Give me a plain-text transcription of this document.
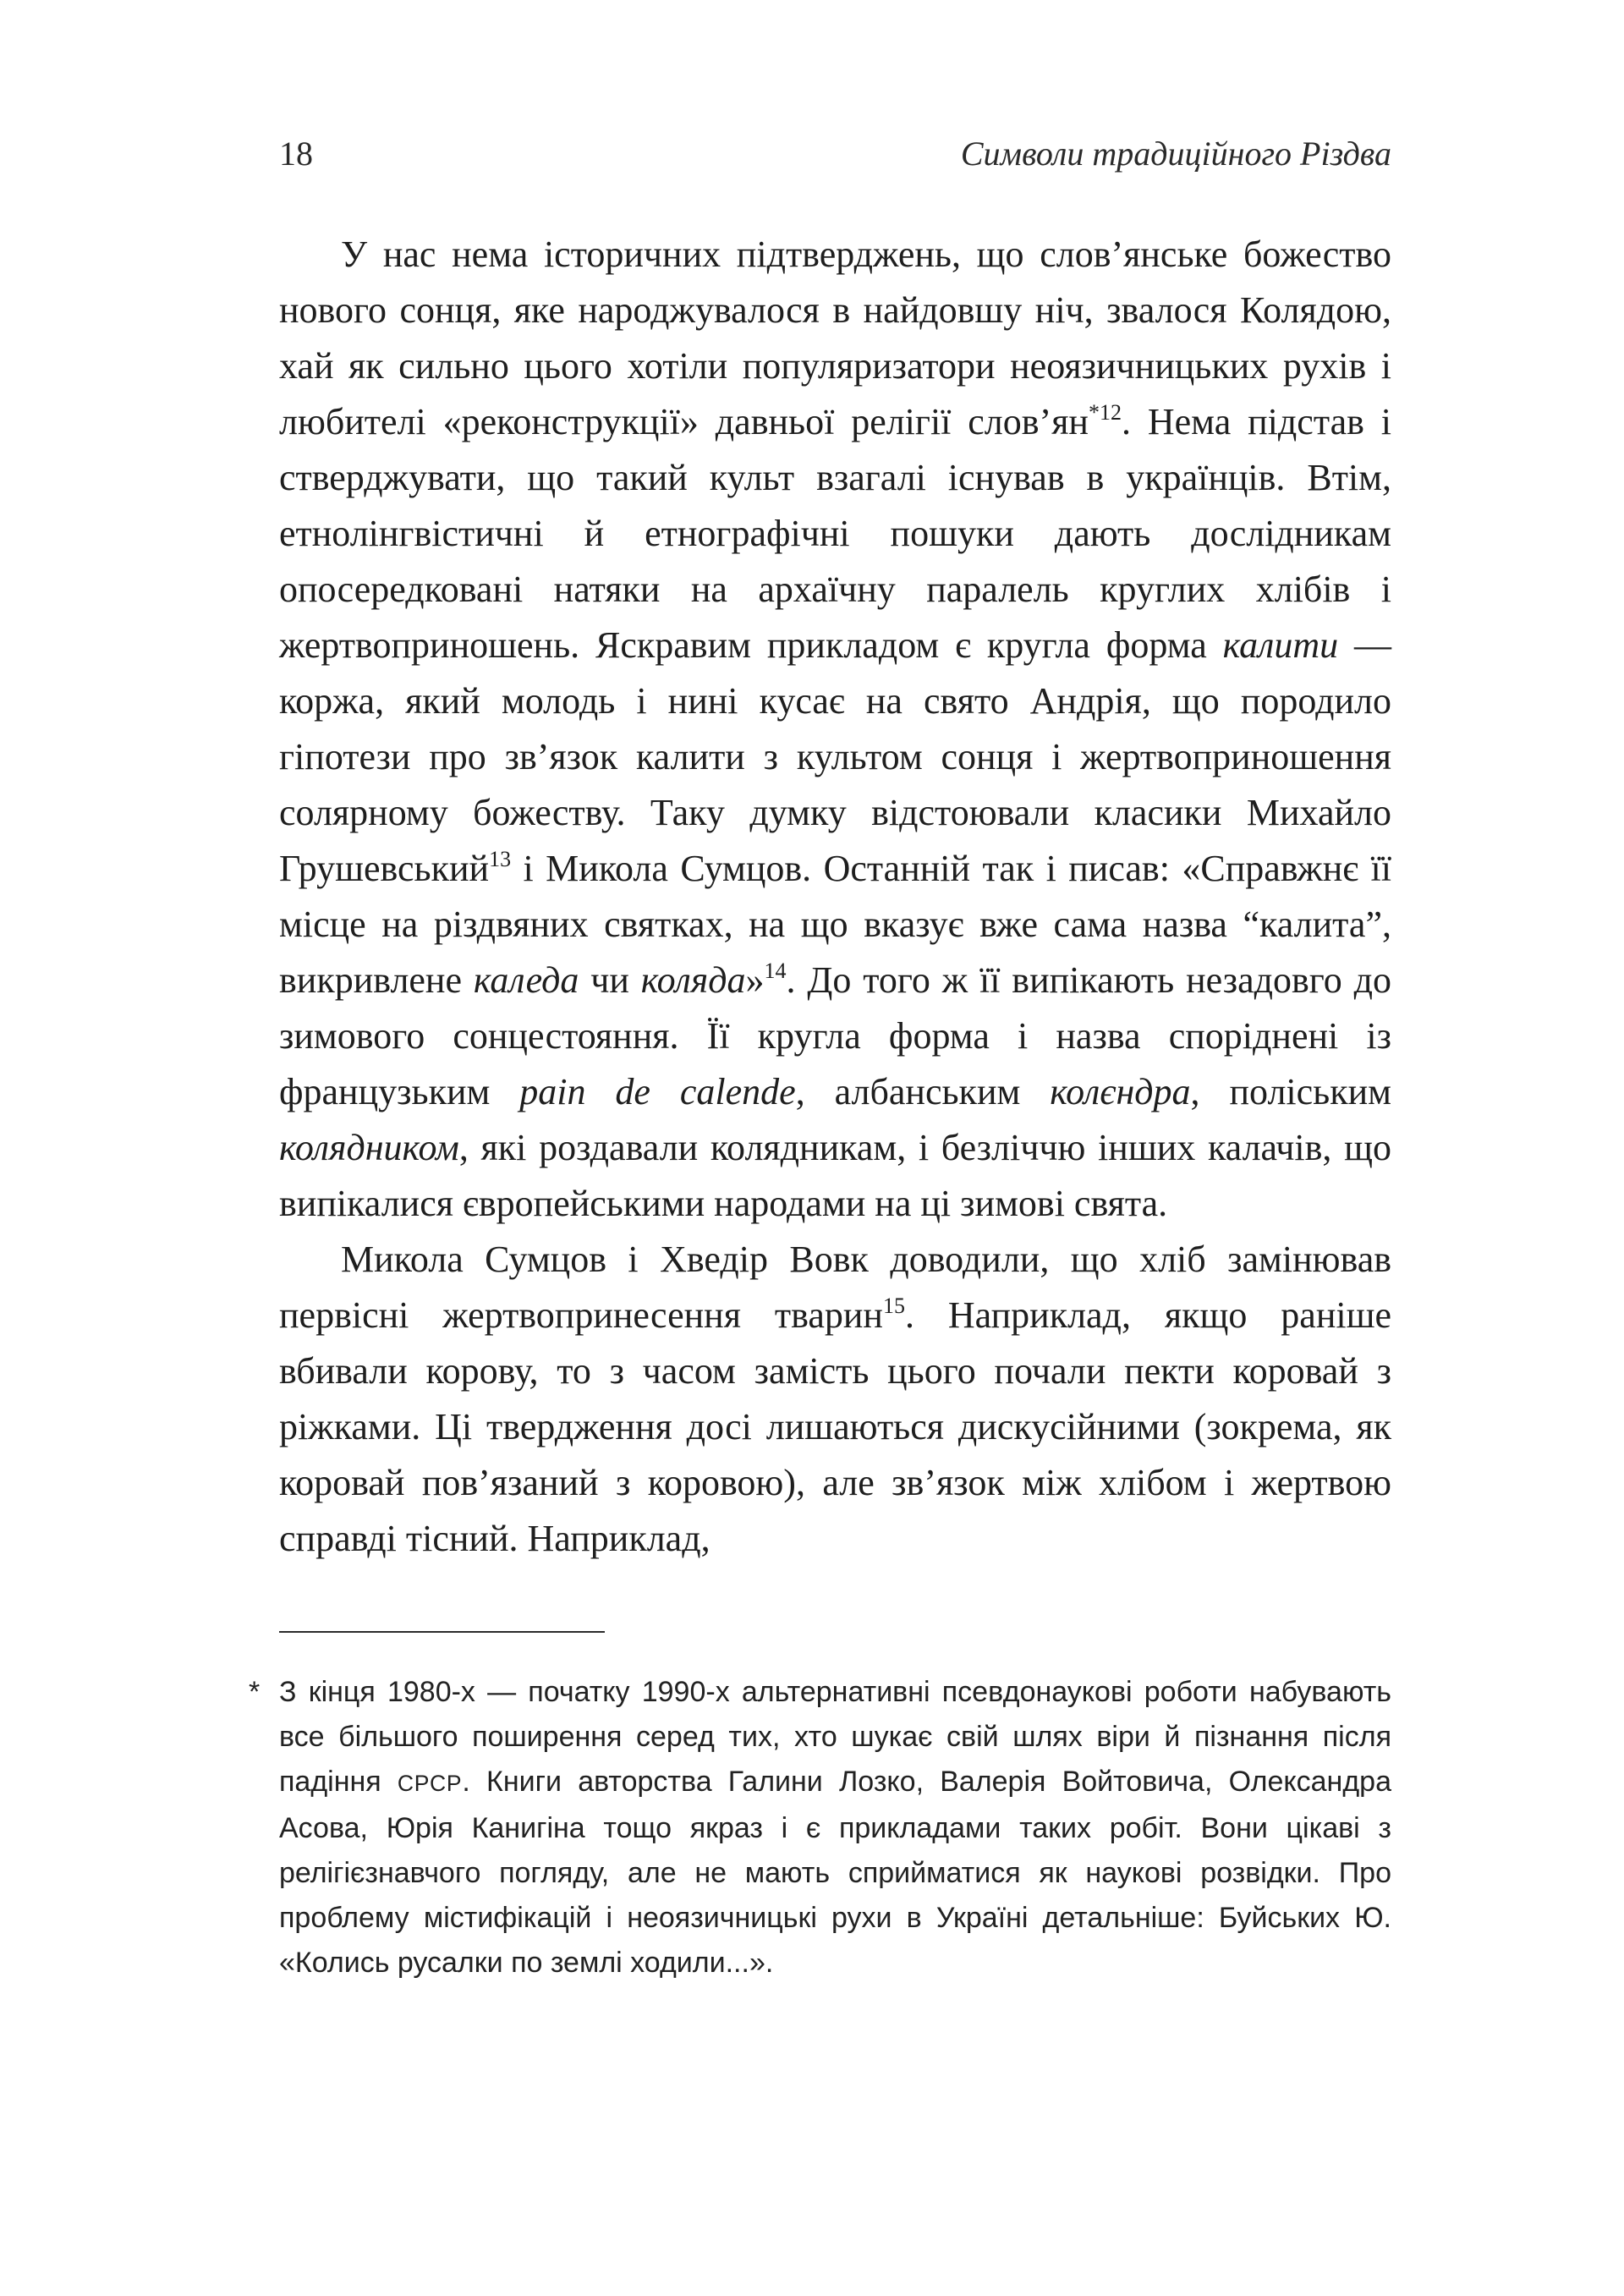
18	Символи традиційного Різдва

У нас нема історичних підтверджень, що слов’янське божество нового сонця, яке народжувалося в найдовшу ніч, звалося Колядою, хай як сильно цього хотіли популяризатори неоязичницьких рухів і любителі «реконструкції» давньої релігії $слов’ян^{*12}$. Нема підстав і стверджувати, що такий культ взагалі існував в українців. Втім, етнолінгвістичні й етнографічні пошуки дають дослідникам опосередковані натяки на архаїчну паралель круглих хлібів і жертвоприношень. Яскравим прикладом є кругла форма калити — коржа, який молодь і нині кусає на свято Андрія, що породило гіпотези про зв’язок калити з культом сонця і жертвоприношення солярному божеству. Таку думку відстоювали класики Михайло Грушевський$^{13}$ і Микола Сумцов. Останній так і писав: «Справжнє її місце на різдвяних святках, на що вказує вже сама назва “калита”, викривлене каледа чи коляда»$^{14}$. До того ж її випікають незадовго до зимового сонцестояння. Її кругла форма і назва споріднені із французьким pain de calende, албанським колєндра, поліським колядником, які роздавали колядникам, і безліччю інших калачів, що випікалися європейськими народами на ці зимові свята.

Микола Сумцов і Хведір Вовк доводили, що хліб замінював первісні жертвопринесення тварин$^{15}$. Наприклад, якщо раніше вбивали корову, то з часом замість цього почали пекти коровай з ріжками. Ці твердження досі лишаються дискусійними (зокрема, як коровай пов’язаний з коровою), але зв’язок між хлібом і жертвою справді тісний. Наприклад,

* З кінця 1980-х — початку 1990-х альтернативні псевдонаукові роботи набувають все більшого поширення серед тих, хто шукає свій шлях віри й пізнання після падіння СРСР. Книги авторства Галини Лозко, Валерія Войтовича, Олександра Асова, Юрія Канигіна тощо якраз і є прикладами таких робіт. Вони цікаві з релігієзнавчого погляду, але не мають сприйматися як наукові розвідки. Про проблему містифікацій і неоязичницькі рухи в Україні детальніше: Буйських Ю. «Колись русалки по землі ходили...».
